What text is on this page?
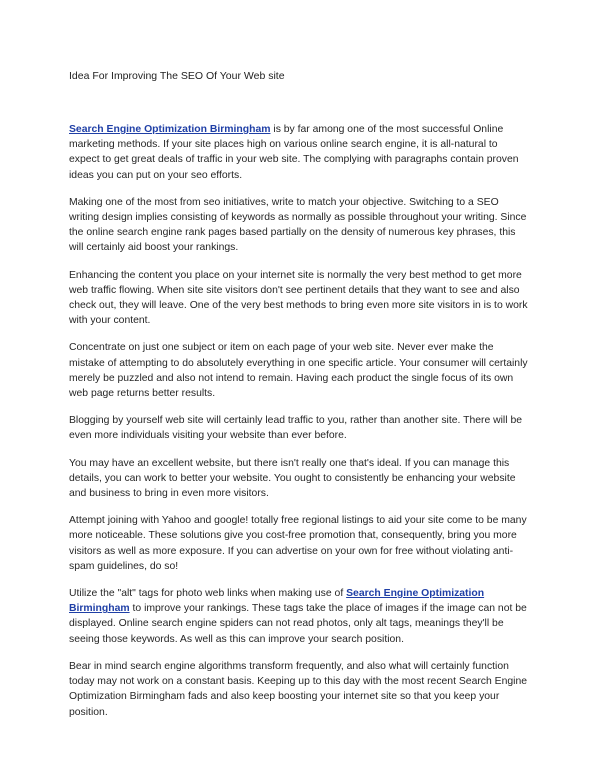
Idea For Improving The SEO Of Your Web site

Search Engine Optimization Birmingham is by far among one of the most successful Online marketing methods. If your site places high on various online search engine, it is all-natural to expect to get great deals of traffic in your web site. The complying with paragraphs contain proven ideas you can put on your seo efforts.

Making one of the most from seo initiatives, write to match your objective. Switching to a SEO writing design implies consisting of keywords as normally as possible throughout your writing. Since the online search engine rank pages based partially on the density of numerous key phrases, this will certainly aid boost your rankings.

Enhancing the content you place on your internet site is normally the very best method to get more web traffic flowing. When site site visitors don't see pertinent details that they want to see and also check out, they will leave. One of the very best methods to bring even more site visitors in is to work with your content.

Concentrate on just one subject or item on each page of your web site. Never ever make the mistake of attempting to do absolutely everything in one specific article. Your consumer will certainly merely be puzzled and also not intend to remain. Having each product the single focus of its own web page returns better results.

Blogging by yourself web site will certainly lead traffic to you, rather than another site. There will be even more individuals visiting your website than ever before.

You may have an excellent website, but there isn't really one that's ideal. If you can manage this details, you can work to better your website. You ought to consistently be enhancing your website and business to bring in even more visitors.

Attempt joining with Yahoo and google! totally free regional listings to aid your site come to be many more noticeable. These solutions give you cost-free promotion that, consequently, bring you more visitors as well as more exposure. If you can advertise on your own for free without violating anti-spam guidelines, do so!

Utilize the "alt" tags for photo web links when making use of Search Engine Optimization Birmingham to improve your rankings. These tags take the place of images if the image can not be displayed. Online search engine spiders can not read photos, only alt tags, meanings they'll be seeing those keywords. As well as this can improve your search position.

Bear in mind search engine algorithms transform frequently, and also what will certainly function today may not work on a constant basis. Keeping up to this day with the most recent Search Engine Optimization Birmingham fads and also keep boosting your internet site so that you keep your position.
